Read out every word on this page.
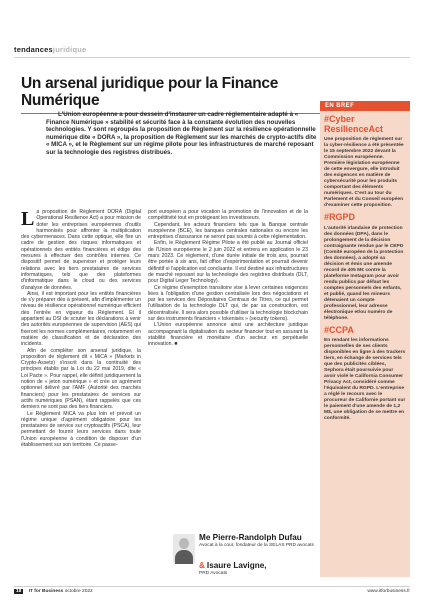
tendancesjuridique
Un arsenal juridique pour la Finance Numérique

L'Union européenne a pour dessein d'instaurer un cadre réglementaire adapté à « Finance Numérique » stabilité et sécurité face à la constante évolution des nouvelles technologies. Y sont regroupés la proposition de Règlement sur la résilience opérationnelle numérique dite « DORA », la proposition de Règlement sur les marchés de crypto-actifs dite « MICA », et le Règlement sur un régime pilote pour les infrastructures de marché reposant sur la technologie des registres distribués.

La proposition de Règlement DORA (Digital Operational Resilience Act) a pour mission de doter les entreprises européennes d'outils harmonisés pour affronter la multiplication des cybermenaces. Dans cette optique, elle fixe un cadre de gestion des risques informatiques et opérationnels des entités financières et édige des mesures à effectuer des contrôles internes. Ce dispositif permet de superviser et protéger leurs relations avec les tiers prestataires de services informatiques, tels que des plateformes d'informatique dans le cloud ou des services d'analyse de données.

Ainsi, il est important pour les entités financières de s'y préparer dès à présent, afin d'implémenter un niveau de résilience opérationnel numérique efficient dès l'entrée en vigueur du Règlement. Et il appartient au DSI de scruter les déclarations à venir des autorités européennes de supervision (AES) qui fixeront les normes complémentaires, notamment en matière de classification et de déclaration des incidents.

Afin de compléter son arsenal juridique, la proposition de règlement dit « MiCA » (Markets in Crypto-Assets) s'inscrit dans la continuité des principes établis par la Loi du 22 mai 2019, dite « Loi Pacte ». Pour rappel, elle définit juridiquement la notion de « jeton numérique » et crée un agrément optionnel délivré par l'AMF (Autorité des marchés financiers) pour les prestataires de services sur actifs numériques (PSAN), étant rappelés que ces derniers ne sont pas des tiers financiers.

Le Règlement MiCA va plus loin et prévoit un régime unique d'agrément obligatoire pour les prestataires de service sur cryptoactifs (PSCA), leur permettant de fournir leurs services dans toute l'Union européenne à condition de disposer d'un établissement sur son territoire. Ce passe-

port européen a pour vocation la promotion de l'innovation et de la compétitivité tout en protégeant les investisseurs.

Cependant, les acteurs financiers tels que la Banque centrale européenne (BCE), les banques centrales nationales ou encore les entreprises d'assurance ne seront pas soumis à cette réglementation.

Enfin, le Règlement Régime Pilote a été publié au Journal officiel de l'Union européenne le 2 juin 2022 et entrera en application le 23 mars 2023. Ce règlement, d'une durée initiale de trois ans, pourrait être portée à six ans, fait office d'expérimentation et pourrait devenir définitif si l'application est concluante. Il est destiné aux infrastructures de marché reposant sur la technologie des registres distribués (DLT, pour Digital Leger Technology).

Ce régime d'exemption transitoire vise à lever certaines exigences liées à l'obligation d'une gestion centralisée lors des négociations et par les services des Dépositaires Centraux de Titres, ce qui permet l'utilisation de la technologie DLT qui, de par sa construction, est décentralisée. Il sera alors possible d'utiliser la technologie blockchain sur des instruments financiers « tokenisés » (security tokens).

L'Union européenne annonce ainsi une architecture juridique accompagnant la digitalisation du secteur financier tout en assurant la stabilité financière et monétaire d'un secteur en perpétuelle innovation. ■

Me Pierre-Randolph Dufau
Avocat à la cour, fondateur de la SELAS PRD avocats
& Isaure Lavigne,
PRD Avocats
EN BREF
#Cyber ResilienceAct
Une proposition de règlement sur la cyber-résilience a été présentée le 15 septembre 2022 devant la Commission européenne. Première législation européenne de cette envergure, elle introduit des exigences en matière de cybersécurité pour les produits comportant des éléments numériques. C'est au tour du Parlement et du Conseil européen d'examiner cette proposition.
#RGPD
L'autorité irlandaise de protection des données (DPA), dans le prolongement de la décision contraignante rendue par le CEPD (Comité européen de la protection des données), a adopté sa décision et émis une amende record de 405 M€ contre la plateforme Instagram pour avoir rendu publics par défaut les comptes personnels des enfants, et publié, quand les mineurs détenaient un compte professionnel, leur adresse électronique et/ou numéro de téléphone.
#CCPA
En rendant les informations personnelles de ses clients disponibles en ligne à des trackers tiers, en échange de services tels que des publicités ciblées, Sephora était poursuivie pour avoir violé le California Consumer Privacy Act, considéré comme l'équivalent du RGPD. L'entreprise a réglé le recours avec le procureur de Californie portant sur le paiement d'une amende de 1,2 M$, une obligation de se mettre en conformité.
18 IT for Business octobre 2022	www.itforbusiness.fr
